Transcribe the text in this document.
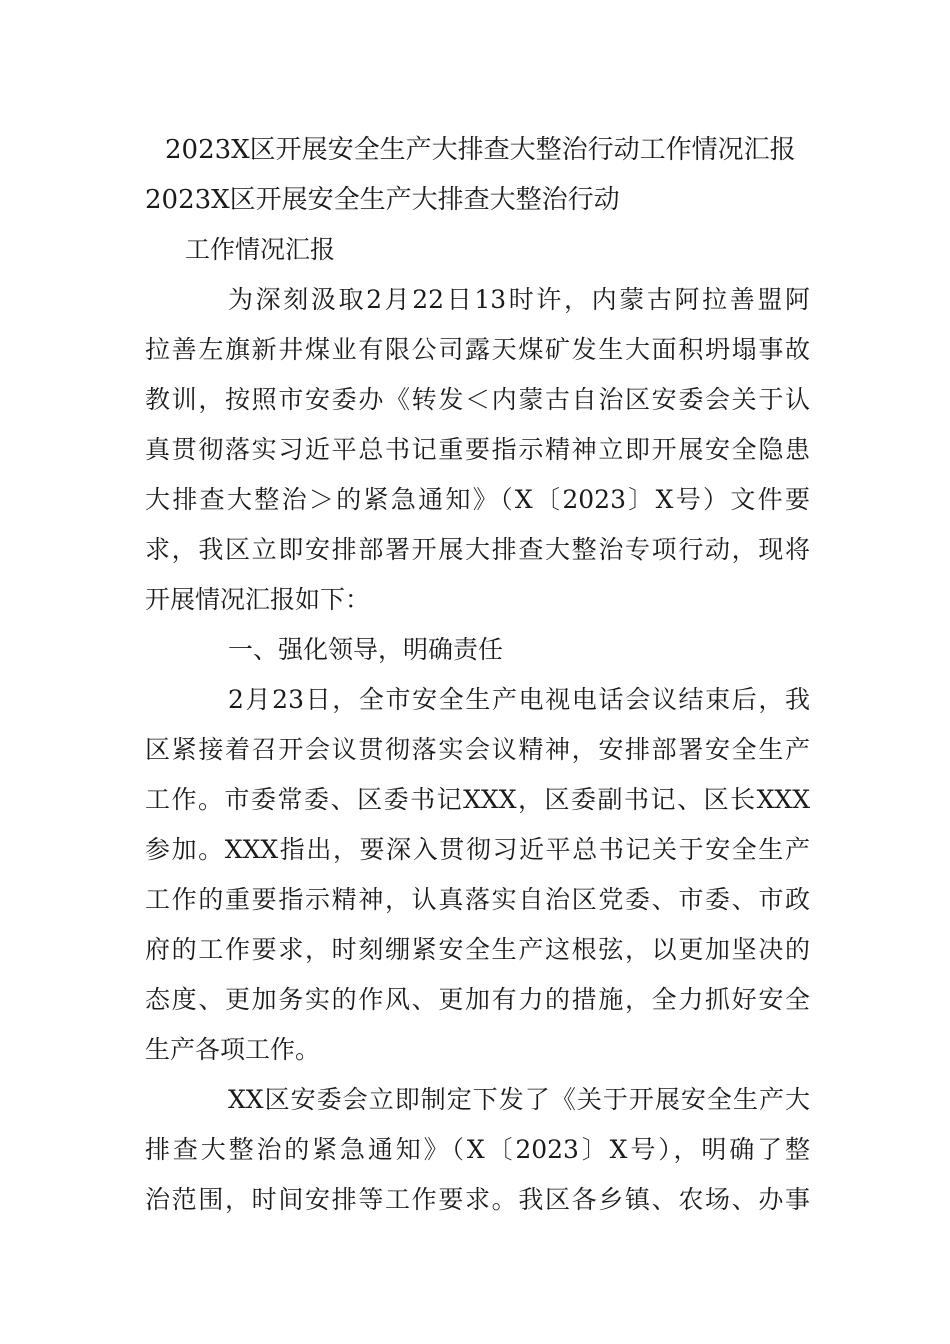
2023X区开展安全生产大排查大整治行动工作情况汇报
2023X区开展安全生产大排查大整治行动
工作情况汇报
为深刻汲取2月22日13时许，内蒙古阿拉善盟阿
拉善左旗新井煤业有限公司露天煤矿发生大面积坍塌事故
教训，按照市安委办《转发＜内蒙古自治区安委会关于认
真贯彻落实习近平总书记重要指示精神立即开展安全隐患
大排查大整治＞的紧急通知》（X〔2023〕X号）文件要
求，我区立即安排部署开展大排查大整治专项行动，现将
开展情况汇报如下：
一、强化领导，明确责任
2月23日，全市安全生产电视电话会议结束后，我
区紧接着召开会议贯彻落实会议精神，安排部署安全生产
工作。市委常委、区委书记XXX，区委副书记、区长XXX
参加。XXX指出，要深入贯彻习近平总书记关于安全生产
工作的重要指示精神，认真落实自治区党委、市委、市政
府的工作要求，时刻绷紧安全生产这根弦，以更加坚决的
态度、更加务实的作风、更加有力的措施，全力抓好安全
生产各项工作。
XX区安委会立即制定下发了《关于开展安全生产大
排查大整治的紧急通知》（X〔2023〕X号），明确了整
治范围，时间安排等工作要求。我区各乡镇、农场、办事
